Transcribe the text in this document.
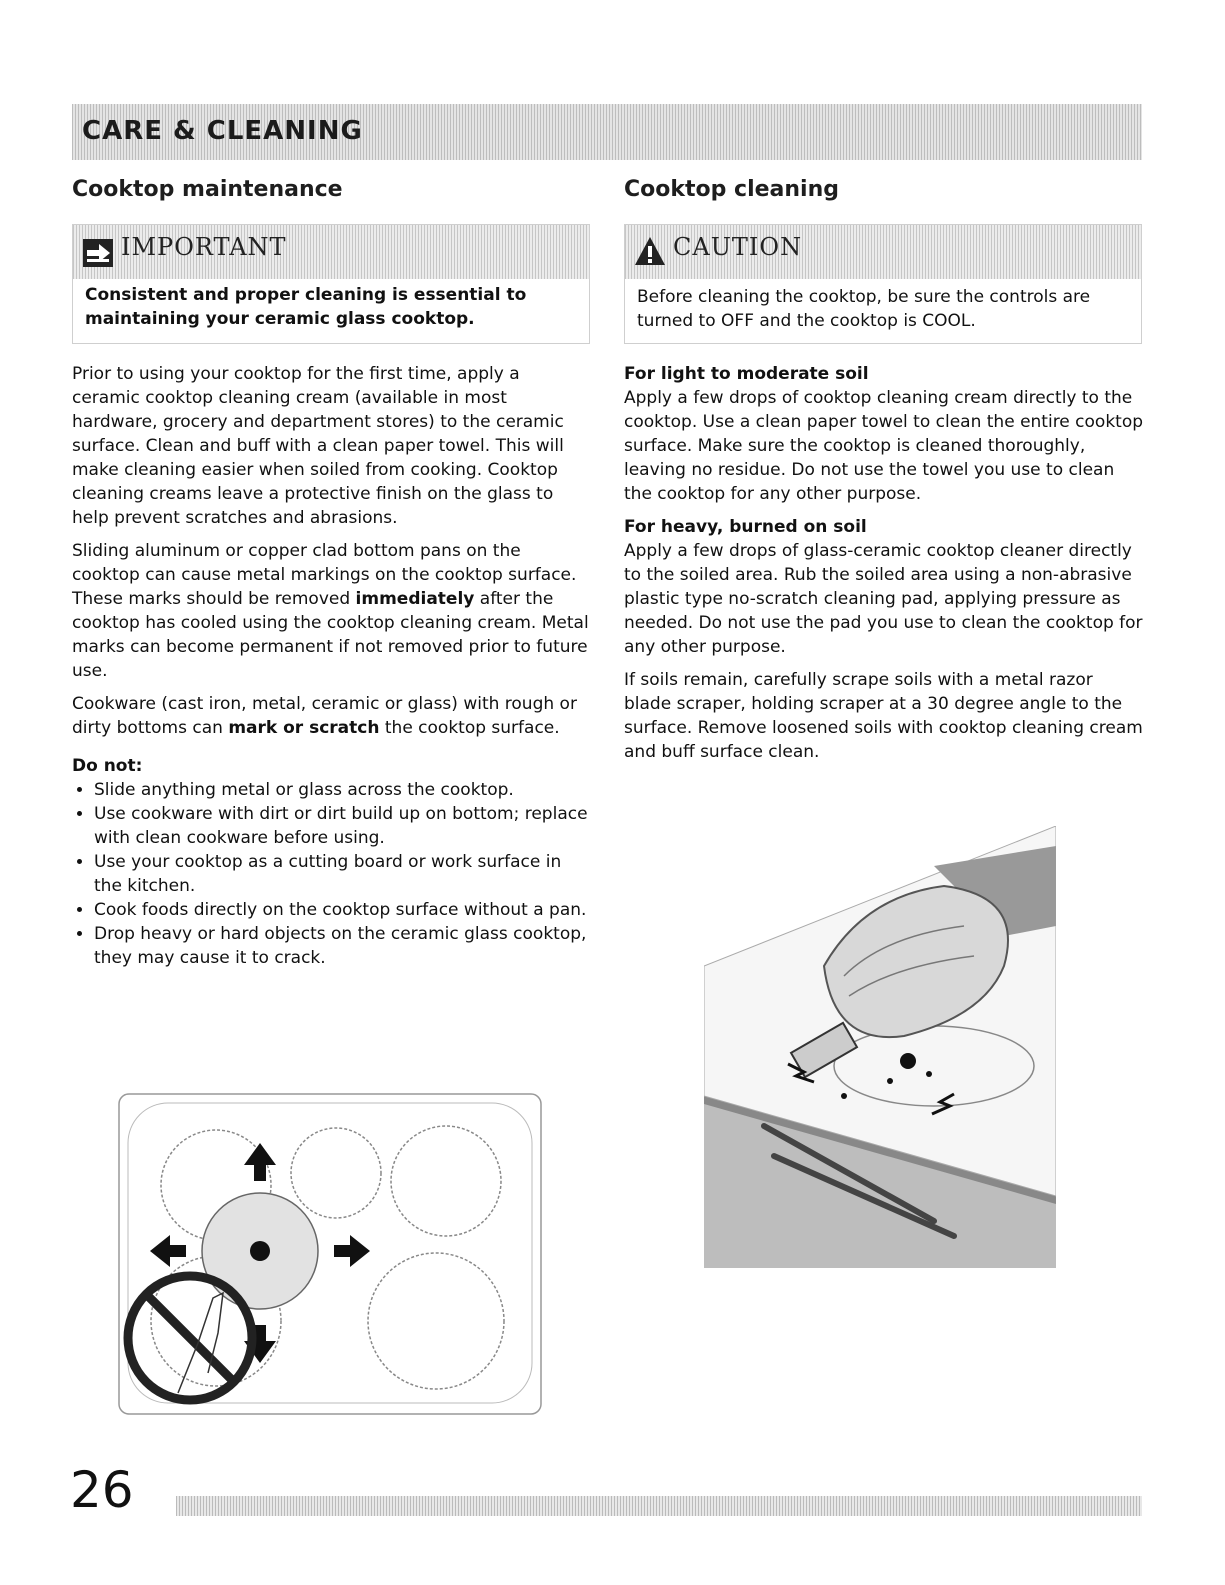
CARE & CLEANING
Cooktop maintenance
IMPORTANT
Consistent and proper cleaning is essential to maintaining your ceramic glass cooktop.

Prior to using your cooktop for the first time, apply a ceramic cooktop cleaning cream (available in most hardware, grocery and department stores) to the ceramic surface. Clean and buff with a clean paper towel. This will make cleaning easier when soiled from cooking. Cooktop cleaning creams leave a protective finish on the glass to help prevent scratches and abrasions.

Sliding aluminum or copper clad bottom pans on the cooktop can cause metal markings on the cooktop surface. These marks should be removed immediately after the cooktop has cooled using the cooktop cleaning cream. Metal marks can become permanent if not removed prior to future use.

Cookware (cast iron, metal, ceramic or glass) with rough or dirty bottoms can mark or scratch the cooktop surface.

Do not:
• Slide anything metal or glass across the cooktop.
• Use cookware with dirt or dirt build up on bottom; replace with clean cookware before using.
• Use your cooktop as a cutting board or work surface in the kitchen.
• Cook foods directly on the cooktop surface without a pan.
• Drop heavy or hard objects on the ceramic glass cooktop, they may cause it to crack.
Cooktop cleaning
CAUTION
Before cleaning the cooktop, be sure the controls are turned to OFF and the cooktop is COOL.
For light to moderate soil

Apply a few drops of cooktop cleaning cream directly to the cooktop. Use a clean paper towel to clean the entire cooktop surface. Make sure the cooktop is cleaned thoroughly, leaving no residue. Do not use the towel you use to clean the cooktop for any other purpose.

For heavy, burned on soil

Apply a few drops of glass-ceramic cooktop cleaner directly to the soiled area. Rub the soiled area using a non-abrasive plastic type no-scratch cleaning pad, applying pressure as needed. Do not use the pad you use to clean the cooktop for any other purpose.

If soils remain, carefully scrape soils with a metal razor blade scraper, holding scraper at a 30 degree angle to the surface. Remove loosened soils with cooktop cleaning cream and buff surface clean.

26
